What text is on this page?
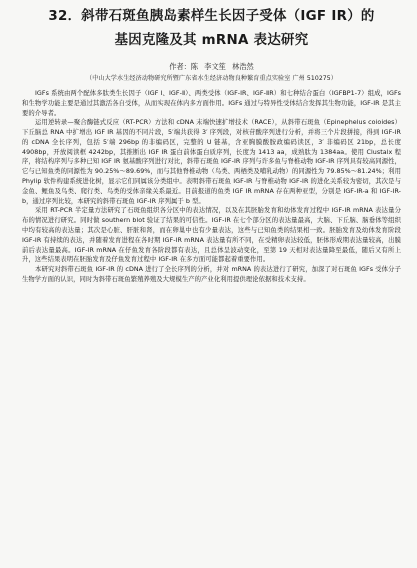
32．斜带石斑鱼胰岛素样生长因子受体（IGF IR）的
基因克隆及其 mRNA 表达研究
作者：陈 李文笙 林浩然
（中山大学水生经济动物研究所暨广东省水生经济动物良种繁育重点实验室 广州 510275）

IGFs 系统由两个配体多肽类生长因子（IGF Ⅰ、IGF-Ⅱ）、两类受体（IGF-IR、IGF-ⅡR）和七种结合蛋白（IGFBP1-7）组成，IGFs 和生物学功能主要是通过其激活各自受体，从而实现在体内多方面作用。IGFs 通过与特异性受体结合发挥其生物功能，IGF-IR 是其主要的介导者。

运用逆转录—聚合酶链式反应（RT-PCR）方法和 cDNA 末端快速扩增技术（RACE），从斜带石斑鱼（Epinephelus coioides）下丘脑总 RNA 中扩增出 IGF IR 基因的不同片段，5′端共获得 3′ 序列段，对核苷酸序列进行分析，并将三个片段拼接，得到 IGF-IR 的 cDNA 全长序列，包括 5′端 296bp 的非编码区，完整的 U 链基，含亚胸膜酸胺政编码读区，3′ 非编码区 21bp，总长度 4908bp，开放阅读框 4242bp，其推断出 IGF IR 蛋白前体蛋白质序列，长度为 1413 aa，成熟肽为 1384aa。使用 Clustalx 程序，将结构序列与多种已知 IGF IR 氨基酸序列进行对比，斜带石斑鱼 IGF-IR 序列与许多鱼与脊椎动物 IGF-IR 序列具有较高同源性，它与已知鱼类的同源性为 90.25%～89.69%，而与其他脊椎动物（鸟类、两栖类及哺乳动物）的同源性为 79.85%～81.24%；利用 Phylip 软件构建系统进化树，显示它们同属该分类组中。表明斜带石斑鱼 IGF-IR 与脊椎动物 IGF-IR 的进化关系较为密切，其次是与金鱼、鲤鱼及鸟类、爬行类、鸟类的受体亲缘关系最近。目前报道的鱼类 IGF IR mRNA 存在两种亚型，分别是 IGF-IR-a 和 IGF-IR-b，通过序列比较，本研究的斜带石斑鱼 IGF-IR 序列属于 b 型。

采用 RT-PCR 半定量方法研究了石斑鱼组织各分区中的表达情况，以及在其胚胎发育和幼体发育过程中 IGF-IR mRNA 表达量分布的情况进行研究。同时做 southern blot 验证了结果的可信性。IGF-IR 在七个部分区的表达量最高，大脑、下丘脑、脑垂体等组织中均有较高的表达量；其次是心脏、肝脏和肾，而在卵巢中也有少量表达，这些与已知鱼类的结果相一致。胚胎发育及幼体发育阶段 IGF-IR 有持续的表达，并随着发育进程在各时期 IGF-IR mRNA 表达量有所不同，在受精卵表达较低，胚体形成期表达量较高，出膜前后表达量最高。IGF-IR mRNA 在仔鱼发育各阶段都有表达，且总体呈波动变化，至第 19 天相对表达量降至最低，随后又有所上升，这些结果表明在胚胎发育及仔鱼发育过程中 IGF-IR 在多方面可能都起着重要作用。

本研究对斜带石斑鱼 IGF-IR 的 cDNA 进行了全长序列的分析，并对 mRNA 的表达进行了研究，加深了对石斑鱼 IGFs 受体分子生物学方面的认识，同时为斜带石斑鱼繁殖养殖及大规模生产的产业化利用提供理论依据和技术支持。
